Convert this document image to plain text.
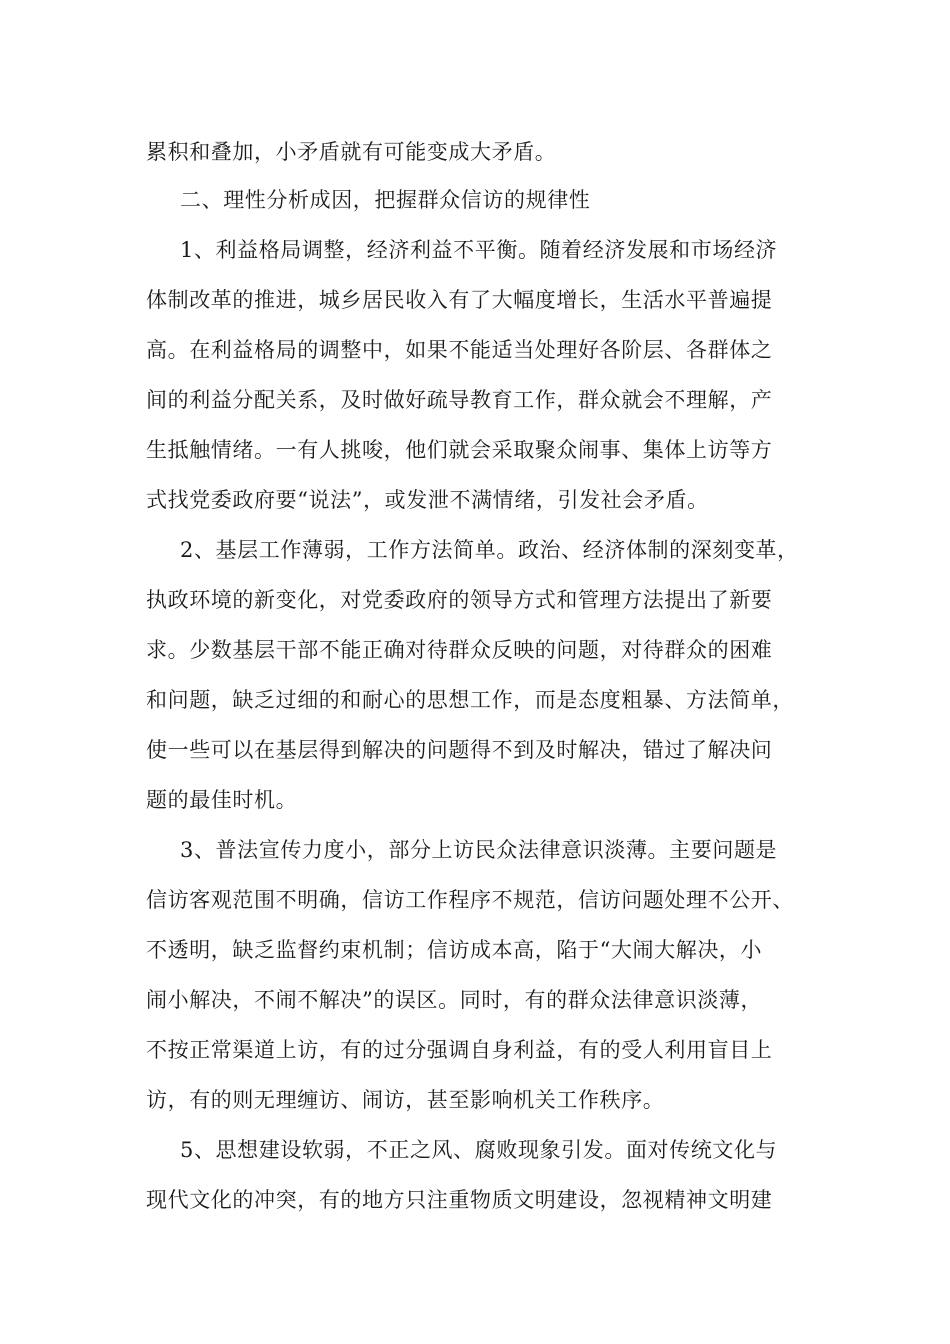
累积和叠加，小矛盾就有可能变成大矛盾。
二、理性分析成因，把握群众信访的规律性
1、利益格局调整，经济利益不平衡。随着经济发展和市场经济
体制改革的推进，城乡居民收入有了大幅度增长，生活水平普遍提
高。在利益格局的调整中，如果不能适当处理好各阶层、各群体之
间的利益分配关系，及时做好疏导教育工作，群众就会不理解，产
生抵触情绪。一有人挑唆，他们就会采取聚众闹事、集体上访等方
式找党委政府要“说法”，或发泄不满情绪，引发社会矛盾。
2、基层工作薄弱，工作方法简单。政治、经济体制的深刻变革，
执政环境的新变化，对党委政府的领导方式和管理方法提出了新要
求。少数基层干部不能正确对待群众反映的问题，对待群众的困难
和问题，缺乏过细的和耐心的思想工作，而是态度粗暴、方法简单，
使一些可以在基层得到解决的问题得不到及时解决，错过了解决问
题的最佳时机。
3、普法宣传力度小，部分上访民众法律意识淡薄。主要问题是
信访客观范围不明确，信访工作程序不规范，信访问题处理不公开、
不透明，缺乏监督约束机制；信访成本高，陷于“大闹大解决，小
闹小解决，不闹不解决”的误区。同时，有的群众法律意识淡薄，
不按正常渠道上访，有的过分强调自身利益，有的受人利用盲目上
访，有的则无理缠访、闹访，甚至影响机关工作秩序。
5、思想建设软弱，不正之风、腐败现象引发。面对传统文化与
现代文化的冲突，有的地方只注重物质文明建设，忽视精神文明建
